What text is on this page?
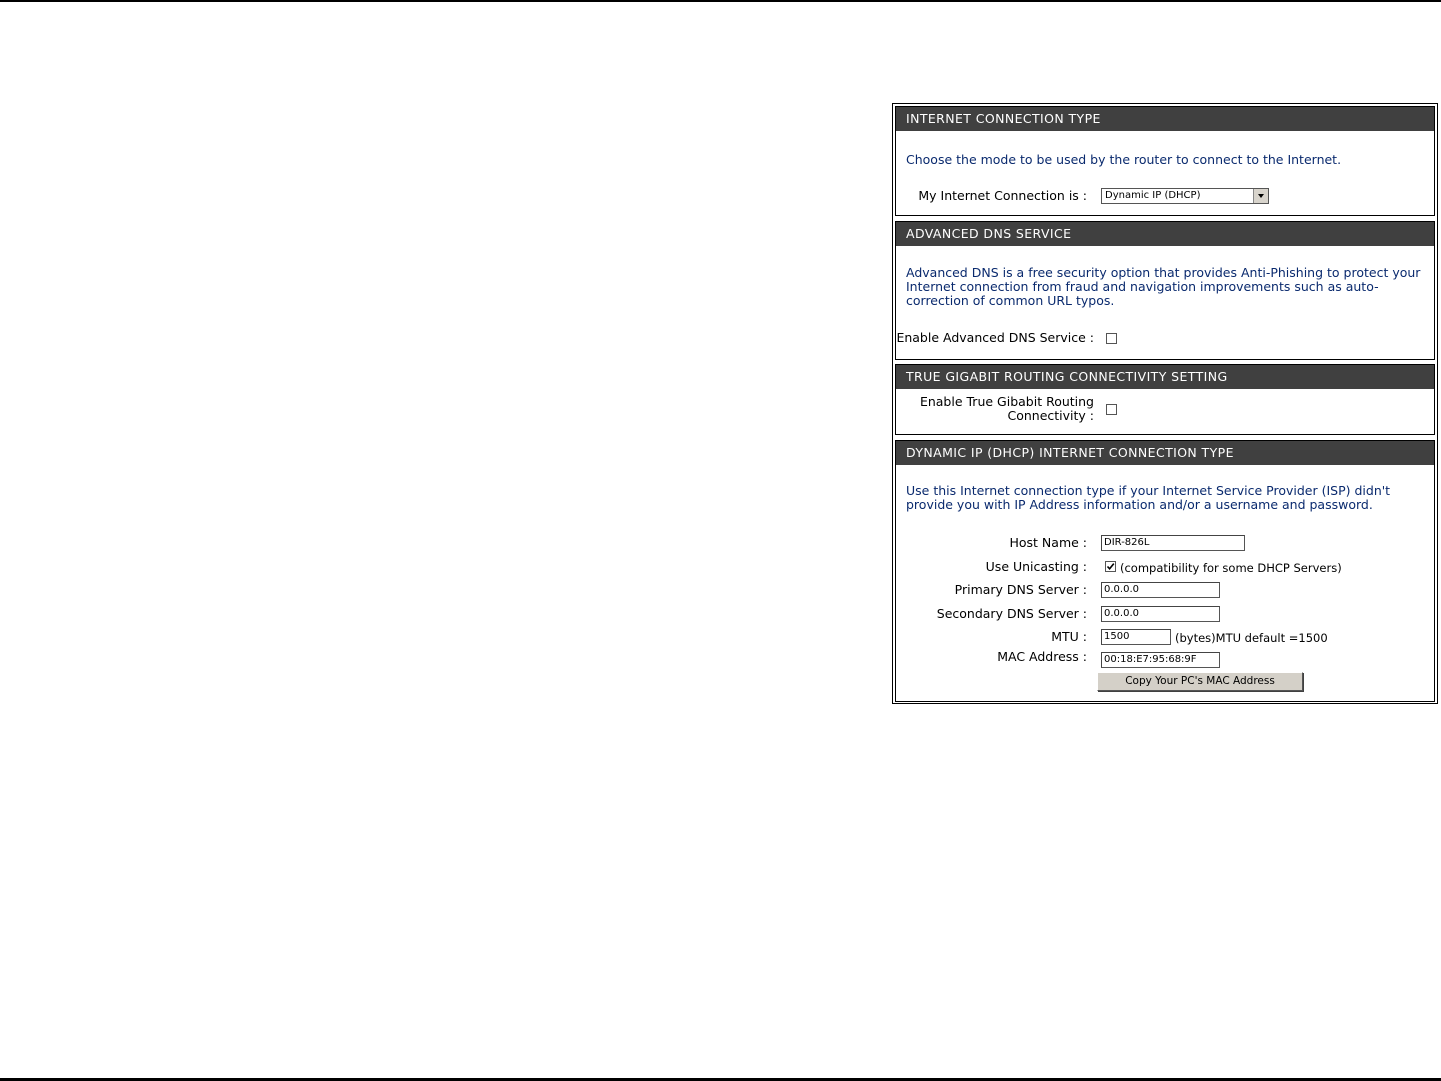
INTERNET CONNECTION TYPE
Choose the mode to be used by the router to connect to the Internet.
My Internet Connection is :	Dynamic IP (DHCP)
ADVANCED DNS SERVICE
Advanced DNS is a free security option that provides Anti-Phishing to protect your Internet connection from fraud and navigation improvements such as auto-correction of common URL typos.
Enable Advanced DNS Service :
TRUE GIGABIT ROUTING CONNECTIVITY SETTING
Enable True Gibabit Routing
Connectivity :
DYNAMIC IP (DHCP) INTERNET CONNECTION TYPE
Use this Internet connection type if your Internet Service Provider (ISP) didn't provide you with IP Address information and/or a username and password.
Host Name :	DIR-826L
Use Unicasting :	(compatibility for some DHCP Servers)
Primary DNS Server :	0.0.0.0
Secondary DNS Server :	0.0.0.0
MTU :	1500	(bytes)MTU default =1500
MAC Address :	00:18:E7:95:68:9F
Copy Your PC's MAC Address
